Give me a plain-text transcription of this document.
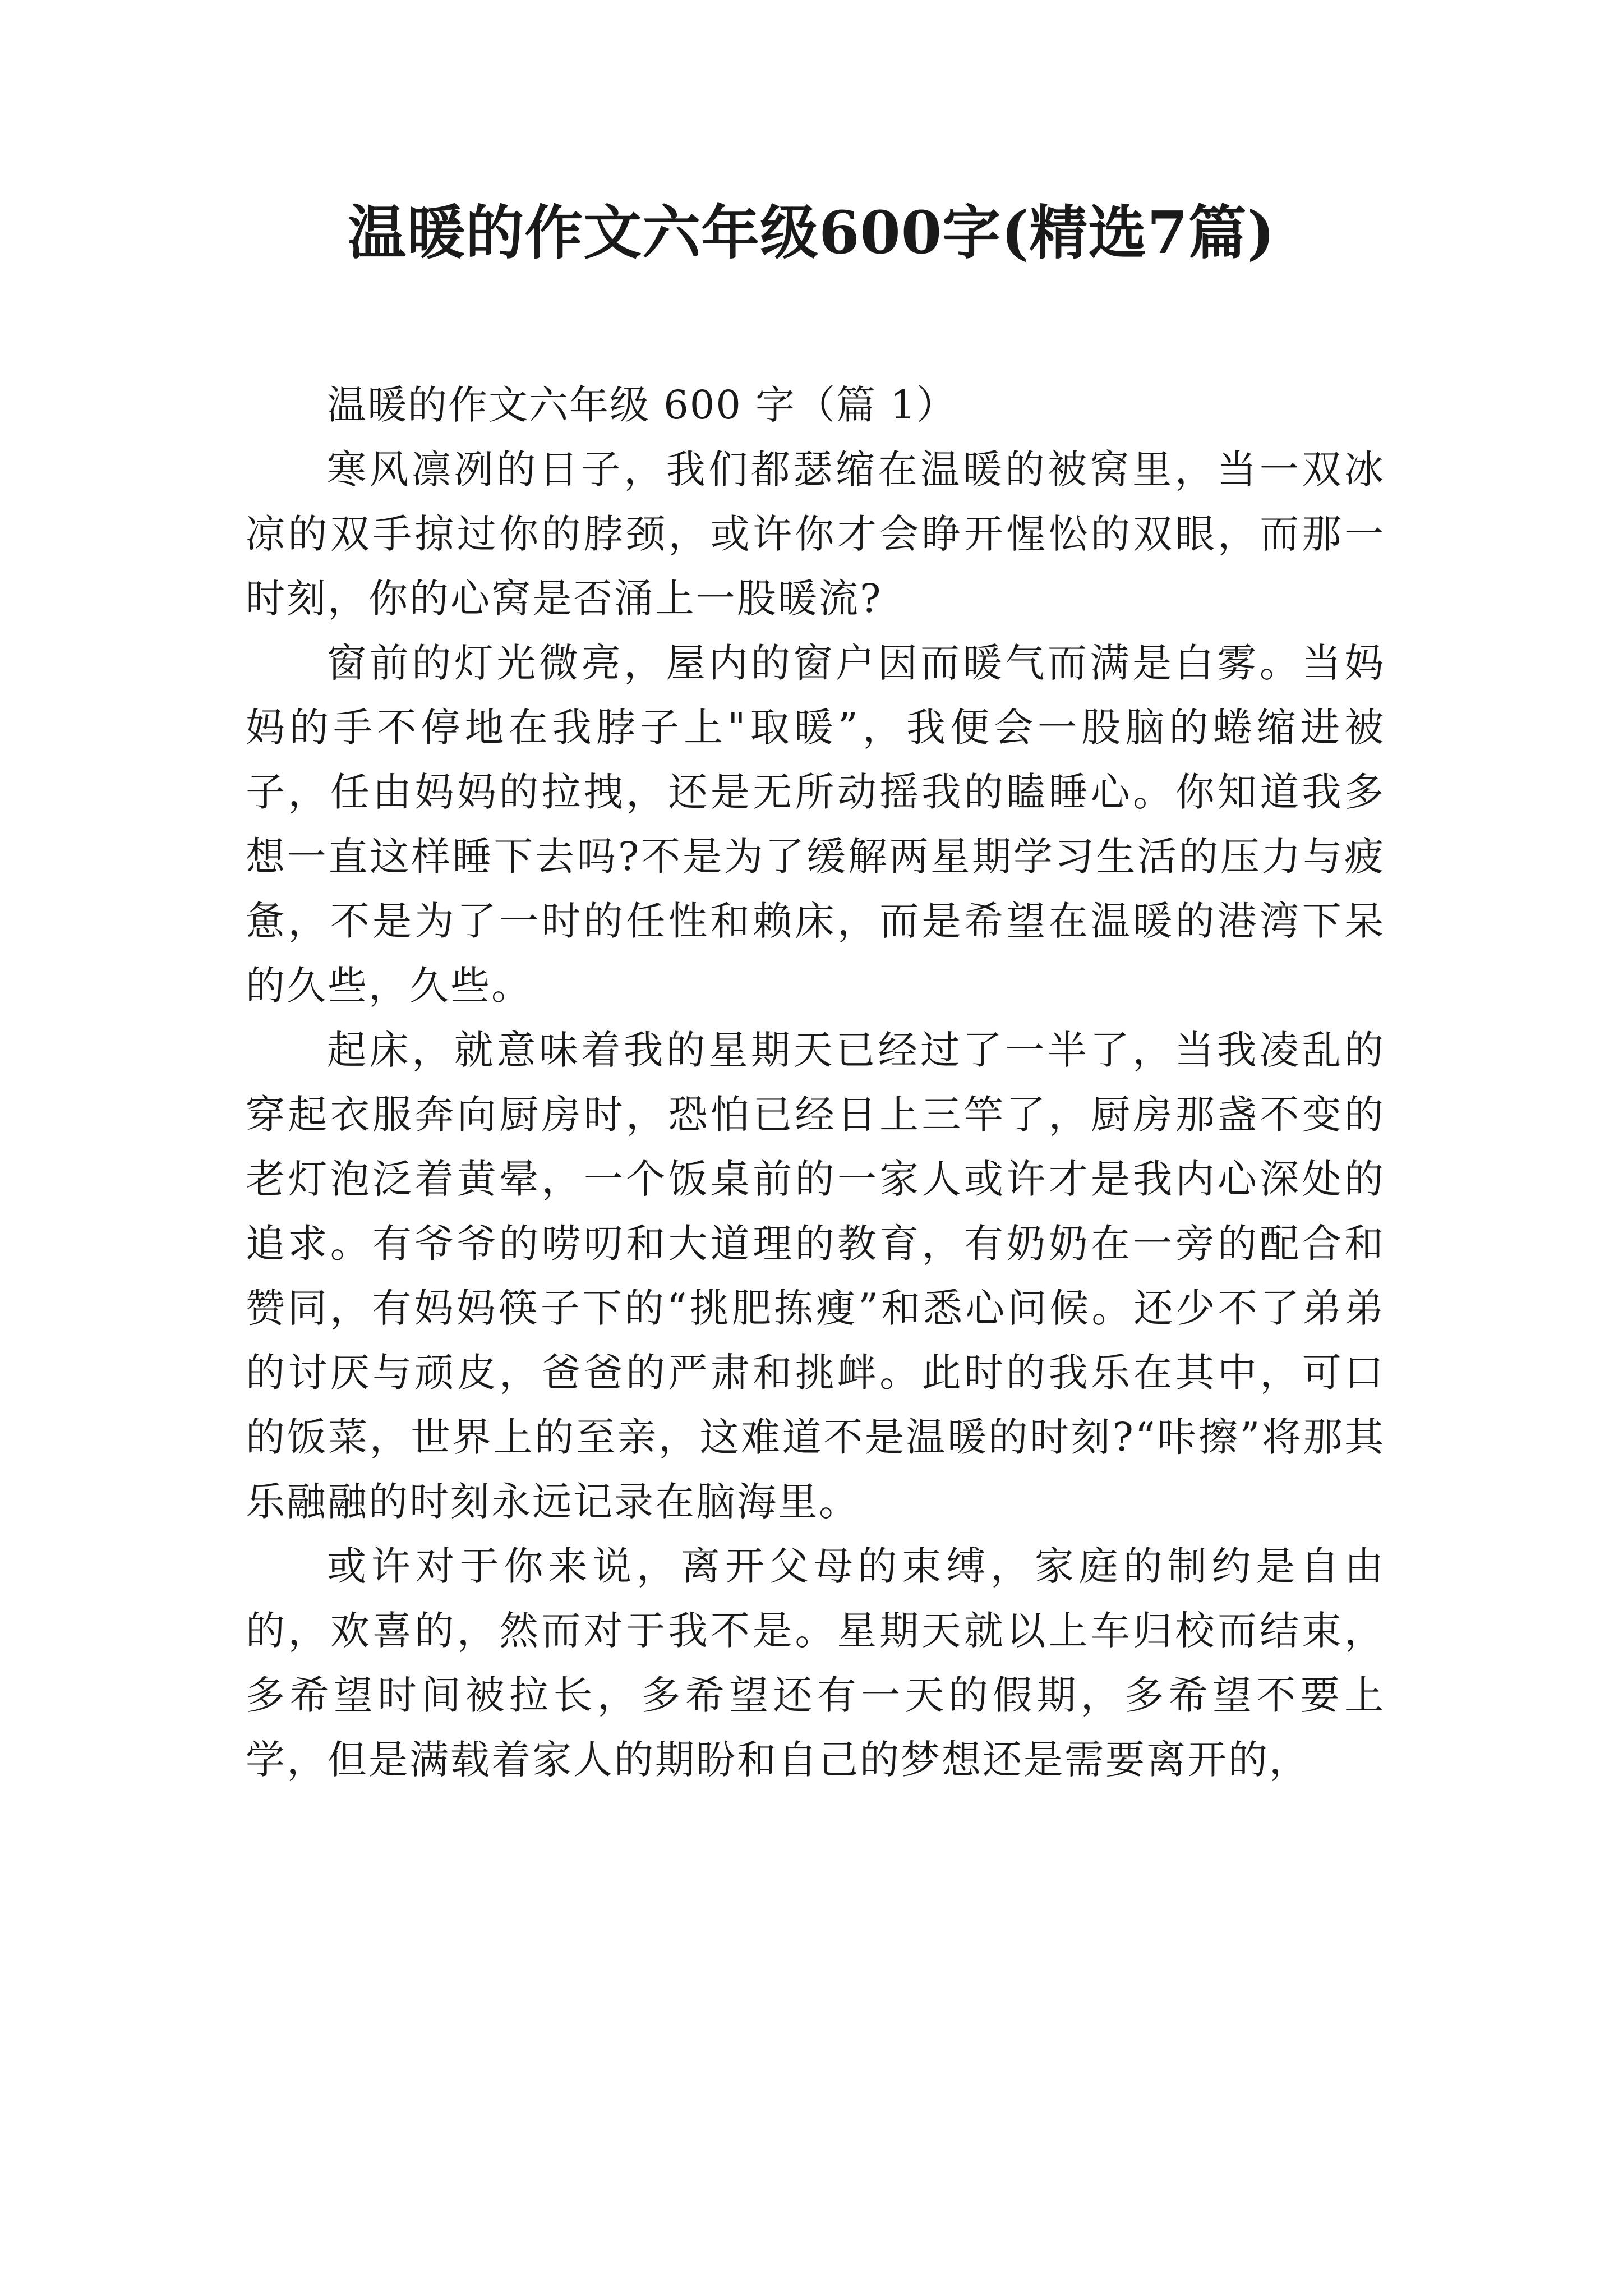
温暖的作文六年级600字(精选7篇)

温暖的作文六年级 600 字（篇 1）

寒风凛冽的日子，我们都瑟缩在温暖的被窝里，当一双冰凉的双手掠过你的脖颈，或许你才会睁开惺忪的双眼，而那一时刻，你的心窝是否涌上一股暖流?

窗前的灯光微亮，屋内的窗户因而暖气而满是白雾。当妈妈的手不停地在我脖子上"取暖”，我便会一股脑的蜷缩进被子，任由妈妈的拉拽，还是无所动摇我的瞌睡心。你知道我多想一直这样睡下去吗?不是为了缓解两星期学习生活的压力与疲惫，不是为了一时的任性和赖床，而是希望在温暖的港湾下呆的久些，久些。

起床，就意味着我的星期天已经过了一半了，当我凌乱的穿起衣服奔向厨房时，恐怕已经日上三竿了，厨房那盏不变的老灯泡泛着黄晕，一个饭桌前的一家人或许才是我内心深处的追求。有爷爷的唠叨和大道理的教育，有奶奶在一旁的配合和赞同，有妈妈筷子下的“挑肥拣瘦”和悉心问候。还少不了弟弟的讨厌与顽皮，爸爸的严肃和挑衅。此时的我乐在其中，可口的饭菜，世界上的至亲，这难道不是温暖的时刻?“咔擦”将那其乐融融的时刻永远记录在脑海里。

或许对于你来说，离开父母的束缚，家庭的制约是自由的，欢喜的，然而对于我不是。星期天就以上车归校而结束，多希望时间被拉长，多希望还有一天的假期，多希望不要上学，但是满载着家人的期盼和自己的梦想还是需要离开的，
